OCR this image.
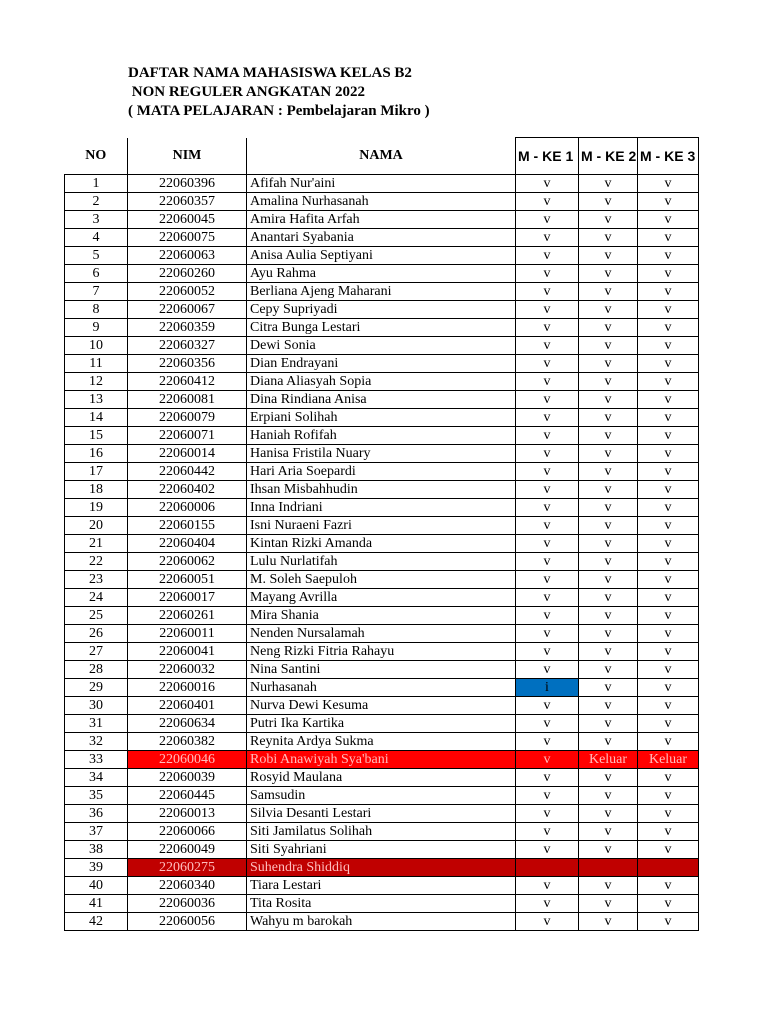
DAFTAR NAMA MAHASISWA KELAS B2
NON REGULER ANGKATAN 2022
( MATA PELAJARAN : Pembelajaran Mikro )
NO	NIM	NAMA	M - KE 1	M - KE 2	M - KE 3
1	22060396	Afifah Nur'aini	v	v	v
2	22060357	Amalina Nurhasanah	v	v	v
3	22060045	Amira Hafita Arfah	v	v	v
4	22060075	Anantari Syabania	v	v	v
5	22060063	Anisa Aulia Septiyani	v	v	v
6	22060260	Ayu Rahma	v	v	v
7	22060052	Berliana Ajeng Maharani	v	v	v
8	22060067	Cepy Supriyadi	v	v	v
9	22060359	Citra Bunga Lestari	v	v	v
10	22060327	Dewi Sonia	v	v	v
11	22060356	Dian Endrayani	v	v	v
12	22060412	Diana Aliasyah Sopia	v	v	v
13	22060081	Dina Rindiana Anisa	v	v	v
14	22060079	Erpiani Solihah	v	v	v
15	22060071	Haniah Rofifah	v	v	v
16	22060014	Hanisa Fristila Nuary	v	v	v
17	22060442	Hari Aria Soepardi	v	v	v
18	22060402	Ihsan Misbahhudin	v	v	v
19	22060006	Inna Indriani	v	v	v
20	22060155	Isni Nuraeni Fazri	v	v	v
21	22060404	Kintan Rizki Amanda	v	v	v
22	22060062	Lulu Nurlatifah	v	v	v
23	22060051	M. Soleh Saepuloh	v	v	v
24	22060017	Mayang Avrilla	v	v	v
25	22060261	Mira Shania	v	v	v
26	22060011	Nenden Nursalamah	v	v	v
27	22060041	Neng Rizki Fitria Rahayu	v	v	v
28	22060032	Nina Santini	v	v	v
29	22060016	Nurhasanah	i	v	v
30	22060401	Nurva Dewi Kesuma	v	v	v
31	22060634	Putri Ika Kartika	v	v	v
32	22060382	Reynita Ardya Sukma	v	v	v
33	22060046	Robi Anawiyah Sya'bani	v	Keluar	Keluar
34	22060039	Rosyid Maulana	v	v	v
35	22060445	Samsudin	v	v	v
36	22060013	Silvia Desanti Lestari	v	v	v
37	22060066	Siti Jamilatus Solihah	v	v	v
38	22060049	Siti Syahriani	v	v	v
39	22060275	Suhendra Shiddiq			
40	22060340	Tiara Lestari	v	v	v
41	22060036	Tita Rosita	v	v	v
42	22060056	Wahyu m barokah	v	v	v
